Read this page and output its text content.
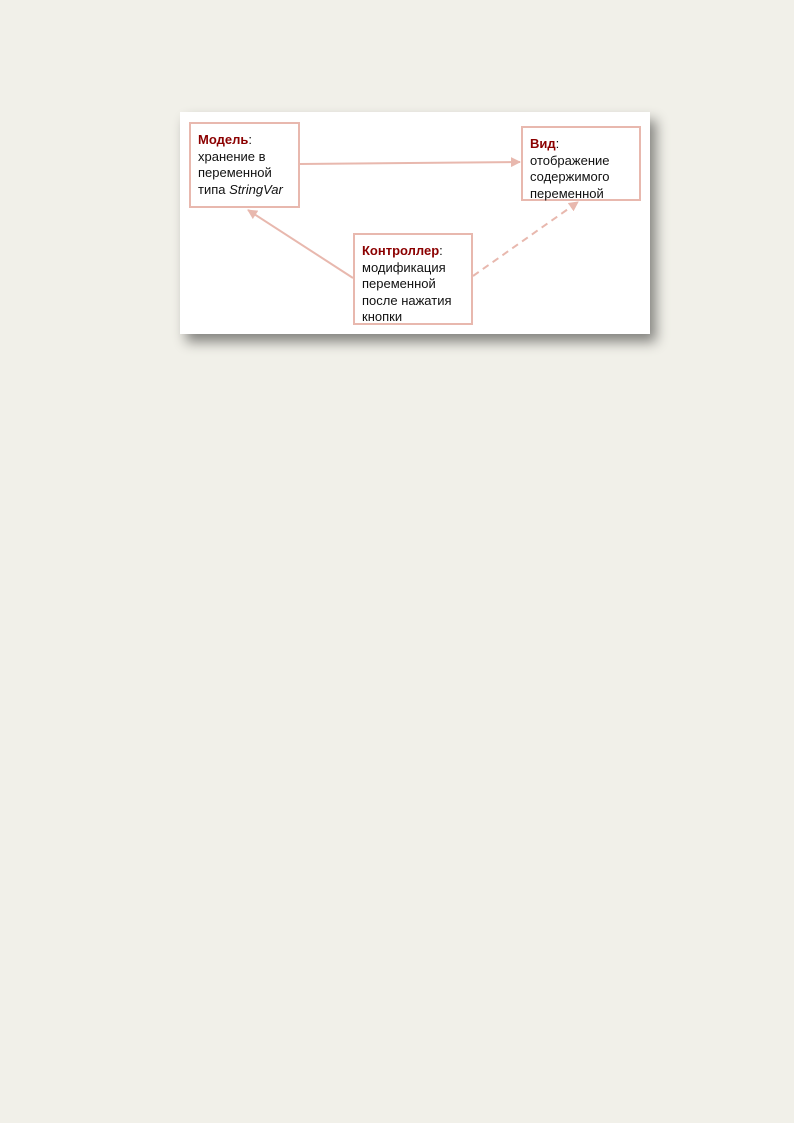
Модель:
хранение в
переменной
типа StringVar
Вид:
отображение
содержимого
переменной
Контроллер:
модификация
переменной
после нажатия
кнопки
